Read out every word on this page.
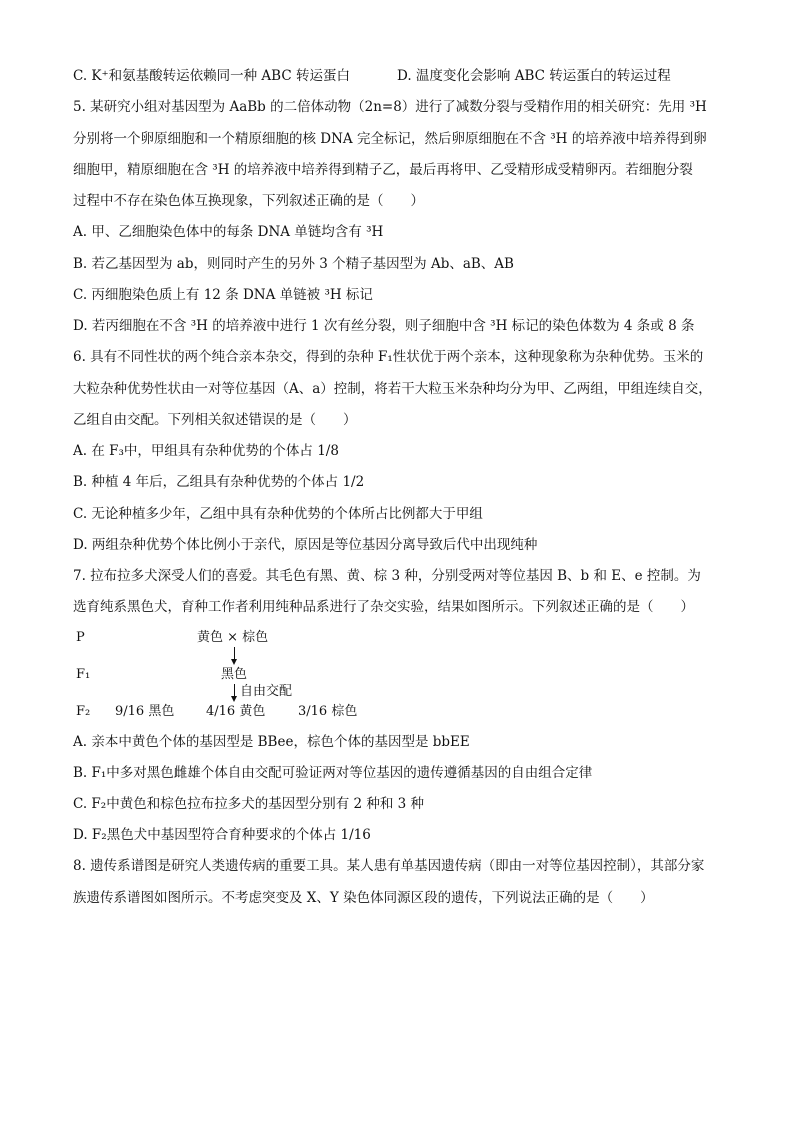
C. K⁺和氨基酸转运依赖同一种 ABC 转运蛋白	D. 温度变化会影响 ABC 转运蛋白的转运过程
5. 某研究小组对基因型为 AaBb 的二倍体动物（2n=8）进行了减数分裂与受精作用的相关研究：先用 ³H
分别将一个卵原细胞和一个精原细胞的核 DNA 完全标记，然后卵原细胞在不含 ³H 的培养液中培养得到卵
细胞甲，精原细胞在含 ³H 的培养液中培养得到精子乙，最后再将甲、乙受精形成受精卵丙。若细胞分裂
过程中不存在染色体互换现象，下列叙述正确的是（　　）
A. 甲、乙细胞染色体中的每条 DNA 单链均含有 ³H
B. 若乙基因型为 ab，则同时产生的另外 3 个精子基因型为 Ab、aB、AB
C. 丙细胞染色质上有 12 条 DNA 单链被 ³H 标记
D. 若丙细胞在不含 ³H 的培养液中进行 1 次有丝分裂，则子细胞中含 ³H 标记的染色体数为 4 条或 8 条
6. 具有不同性状的两个纯合亲本杂交，得到的杂种 F₁性状优于两个亲本，这种现象称为杂种优势。玉米的
大粒杂种优势性状由一对等位基因（A、a）控制，将若干大粒玉米杂种均分为甲、乙两组，甲组连续自交，
乙组自由交配。下列相关叙述错误的是（　　）
A. 在 F₃中，甲组具有杂种优势的个体占 1/8
B. 种植 4 年后，乙组具有杂种优势的个体占 1/2
C. 无论种植多少年，乙组中具有杂种优势的个体所占比例都大于甲组
D. 两组杂种优势个体比例小于亲代，原因是等位基因分离导致后代中出现纯种
7. 拉布拉多犬深受人们的喜爱。其毛色有黑、黄、棕 3 种，分别受两对等位基因 B、b 和 E、e 控制。为
选育纯系黑色犬，育种工作者利用纯种品系进行了杂交实验，结果如图所示。下列叙述正确的是（　　）
P	黄色 × 棕色
F₁	黑色
自由交配
F₂ 9/16 黑色 4/16 黄色	3/16 棕色
A. 亲本中黄色个体的基因型是 BBee，棕色个体的基因型是 bbEE
B. F₁中多对黑色雌雄个体自由交配可验证两对等位基因的遗传遵循基因的自由组合定律
C. F₂中黄色和棕色拉布拉多犬的基因型分别有 2 种和 3 种
D. F₂黑色犬中基因型符合育种要求的个体占 1/16
8. 遗传系谱图是研究人类遗传病的重要工具。某人患有单基因遗传病（即由一对等位基因控制），其部分家
族遗传系谱图如图所示。不考虑突变及 X、Y 染色体同源区段的遗传，下列说法正确的是（　　）
